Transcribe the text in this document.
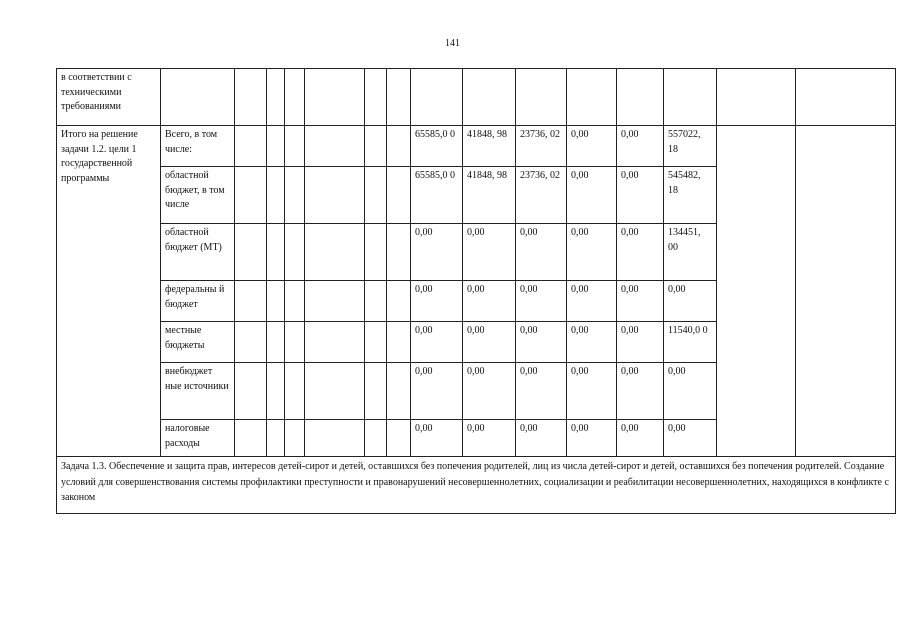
141
в соответствии с техническими требованиями															
Итого на решение задачи 1.2. цели 1 государственной программы	Всего, в том числе:							65585,0 0	41848, 98	23736, 02	0,00	0,00	557022, 18		
	областной бюджет, в том числе							65585,0 0	41848, 98	23736, 02	0,00	0,00	545482, 18		
	областной бюджет (МТ)							0,00	0,00	0,00	0,00	0,00	134451, 00		
	федеральны й бюджет							0,00	0,00	0,00	0,00	0,00	0,00		
	местные бюджеты							0,00	0,00	0,00	0,00	0,00	11540,0 0		
	внебюджет ные источники							0,00	0,00	0,00	0,00	0,00	0,00		
	налоговые расходы							0,00	0,00	0,00	0,00	0,00	0,00		
Задача 1.3. Обеспечение и защита прав, интересов детей-сирот и детей, оставшихся без попечения родителей, лиц из числа детей-сирот и детей, оставшихся без попечения родителей. Создание условий для совершенствования системы профилактики преступности и правонарушений несовершеннолетних, социализации и реабилитации несовершеннолетних, находящихся в конфликте с законом															
